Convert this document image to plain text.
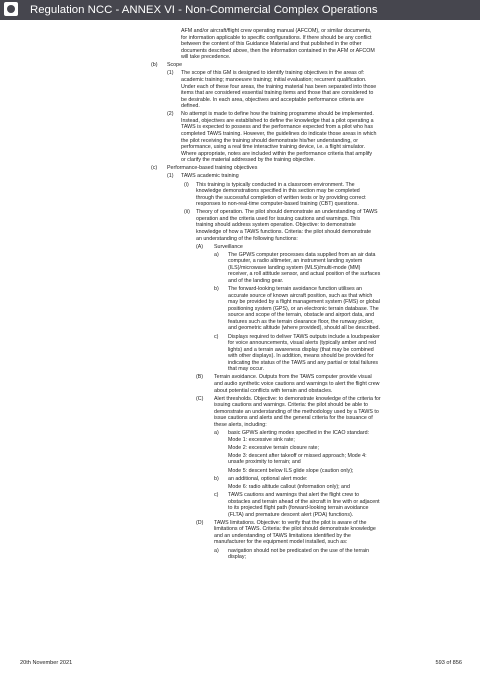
Regulation NCC - ANNEX VI - Non-Commercial Complex Operations
AFM and/or aircraft/flight crew operating manual (AFCOM), or similar documents,
for information applicable to specific configurations. If there should be any conflict
between the content of this Guidance Material and that published in the other
documents described above, then the information contained in the AFM or AFCOM
will take precedence.
(b) Scope
(1) The scope of this GM is designed to identify training objectives in the areas of:
academic training; manoeuvre training; initial evaluation; recurrent qualification.
Under each of these four areas, the training material has been separated into those
items that are considered essential training items and those that are considered to
be desirable. In each area, objectives and acceptable performance criteria are
defined.
(2) No attempt is made to define how the training programme should be implemented.
Instead, objectives are established to define the knowledge that a pilot operating a
TAWS is expected to possess and the performance expected from a pilot who has
completed TAWS training. However, the guidelines do indicate those areas in which
the pilot receiving the training should demonstrate his/her understanding, or
performance, using a real time interactive training device, i.e. a flight simulator.
Where appropriate, notes are included within the performance criteria that amplify
or clarify the material addressed by the training objective.
(c) Performance-based training objectives
(1) TAWS academic training
(i) This training is typically conducted in a classroom environment. The
knowledge demonstrations specified in this section may be completed
through the successful completion of written tests or by providing correct
responses to non-real-time computer-based training (CBT) questions.
(ii) Theory of operation. The pilot should demonstrate an understanding of TAWS
operation and the criteria used for issuing cautions and warnings. This
training should address system operation. Objective: to demonstrate
knowledge of how a TAWS functions. Criteria: the pilot should demonstrate
an understanding of the following functions:
(A) Surveillance
a) The GPWS computer processes data supplied from an air data
computer, a radio altimeter, an instrument landing system
(ILS)/microwave landing system (MLS)/multi-mode (MM)
receiver, a roll attitude sensor, and actual position of the surfaces
and of the landing gear.
b) The forward-looking terrain avoidance function utilises an
accurate source of known aircraft position, such as that which
may be provided by a flight management system (FMS) or global
positioning system (GPS), or an electronic terrain database. The
source and scope of the terrain, obstacle and airport data, and
features such as the terrain clearance floor, the runway picker,
and geometric altitude (where provided), should all be described.
c) Displays required to deliver TAWS outputs include a loudspeaker
for voice announcements, visual alerts (typically amber and red
lights) and a terrain awareness display (that may be combined
with other displays). In addition, means should be provided for
indicating the status of the TAWS and any partial or total failures
that may occur.
(B) Terrain avoidance. Outputs from the TAWS computer provide visual
and audio synthetic voice cautions and warnings to alert the flight crew
about potential conflicts with terrain and obstacles.
(C) Alert thresholds. Objective: to demonstrate knowledge of the criteria for
issuing cautions and warnings. Criteria: the pilot should be able to
demonstrate an understanding of the methodology used by a TAWS to
issue cautions and alerts and the general criteria for the issuance of
these alerts, including:
a) basic GPWS alerting modes specified in the ICAO standard:
Mode 1: excessive sink rate;
Mode 2: excessive terrain closure rate;
Mode 3: descent after takeoff or missed approach; Mode 4:
unsafe proximity to terrain; and
Mode 5: descent below ILS glide slope (caution only);
b) an additional, optional alert mode:
Mode 6: radio altitude callout (information only); and
c) TAWS cautions and warnings that alert the flight crew to
obstacles and terrain ahead of the aircraft in line with or adjacent
to its projected flight path (forward-looking terrain avoidance
(FLTA) and premature descent alert (PDA) functions).
(D) TAWS limitations. Objective: to verify that the pilot is aware of the
limitations of TAWS. Criteria: the pilot should demonstrate knowledge
and an understanding of TAWS limitations identified by the
manufacturer for the equipment model installed, such as:
a) navigation should not be predicated on the use of the terrain
display;
20th November 2021	593 of 856
